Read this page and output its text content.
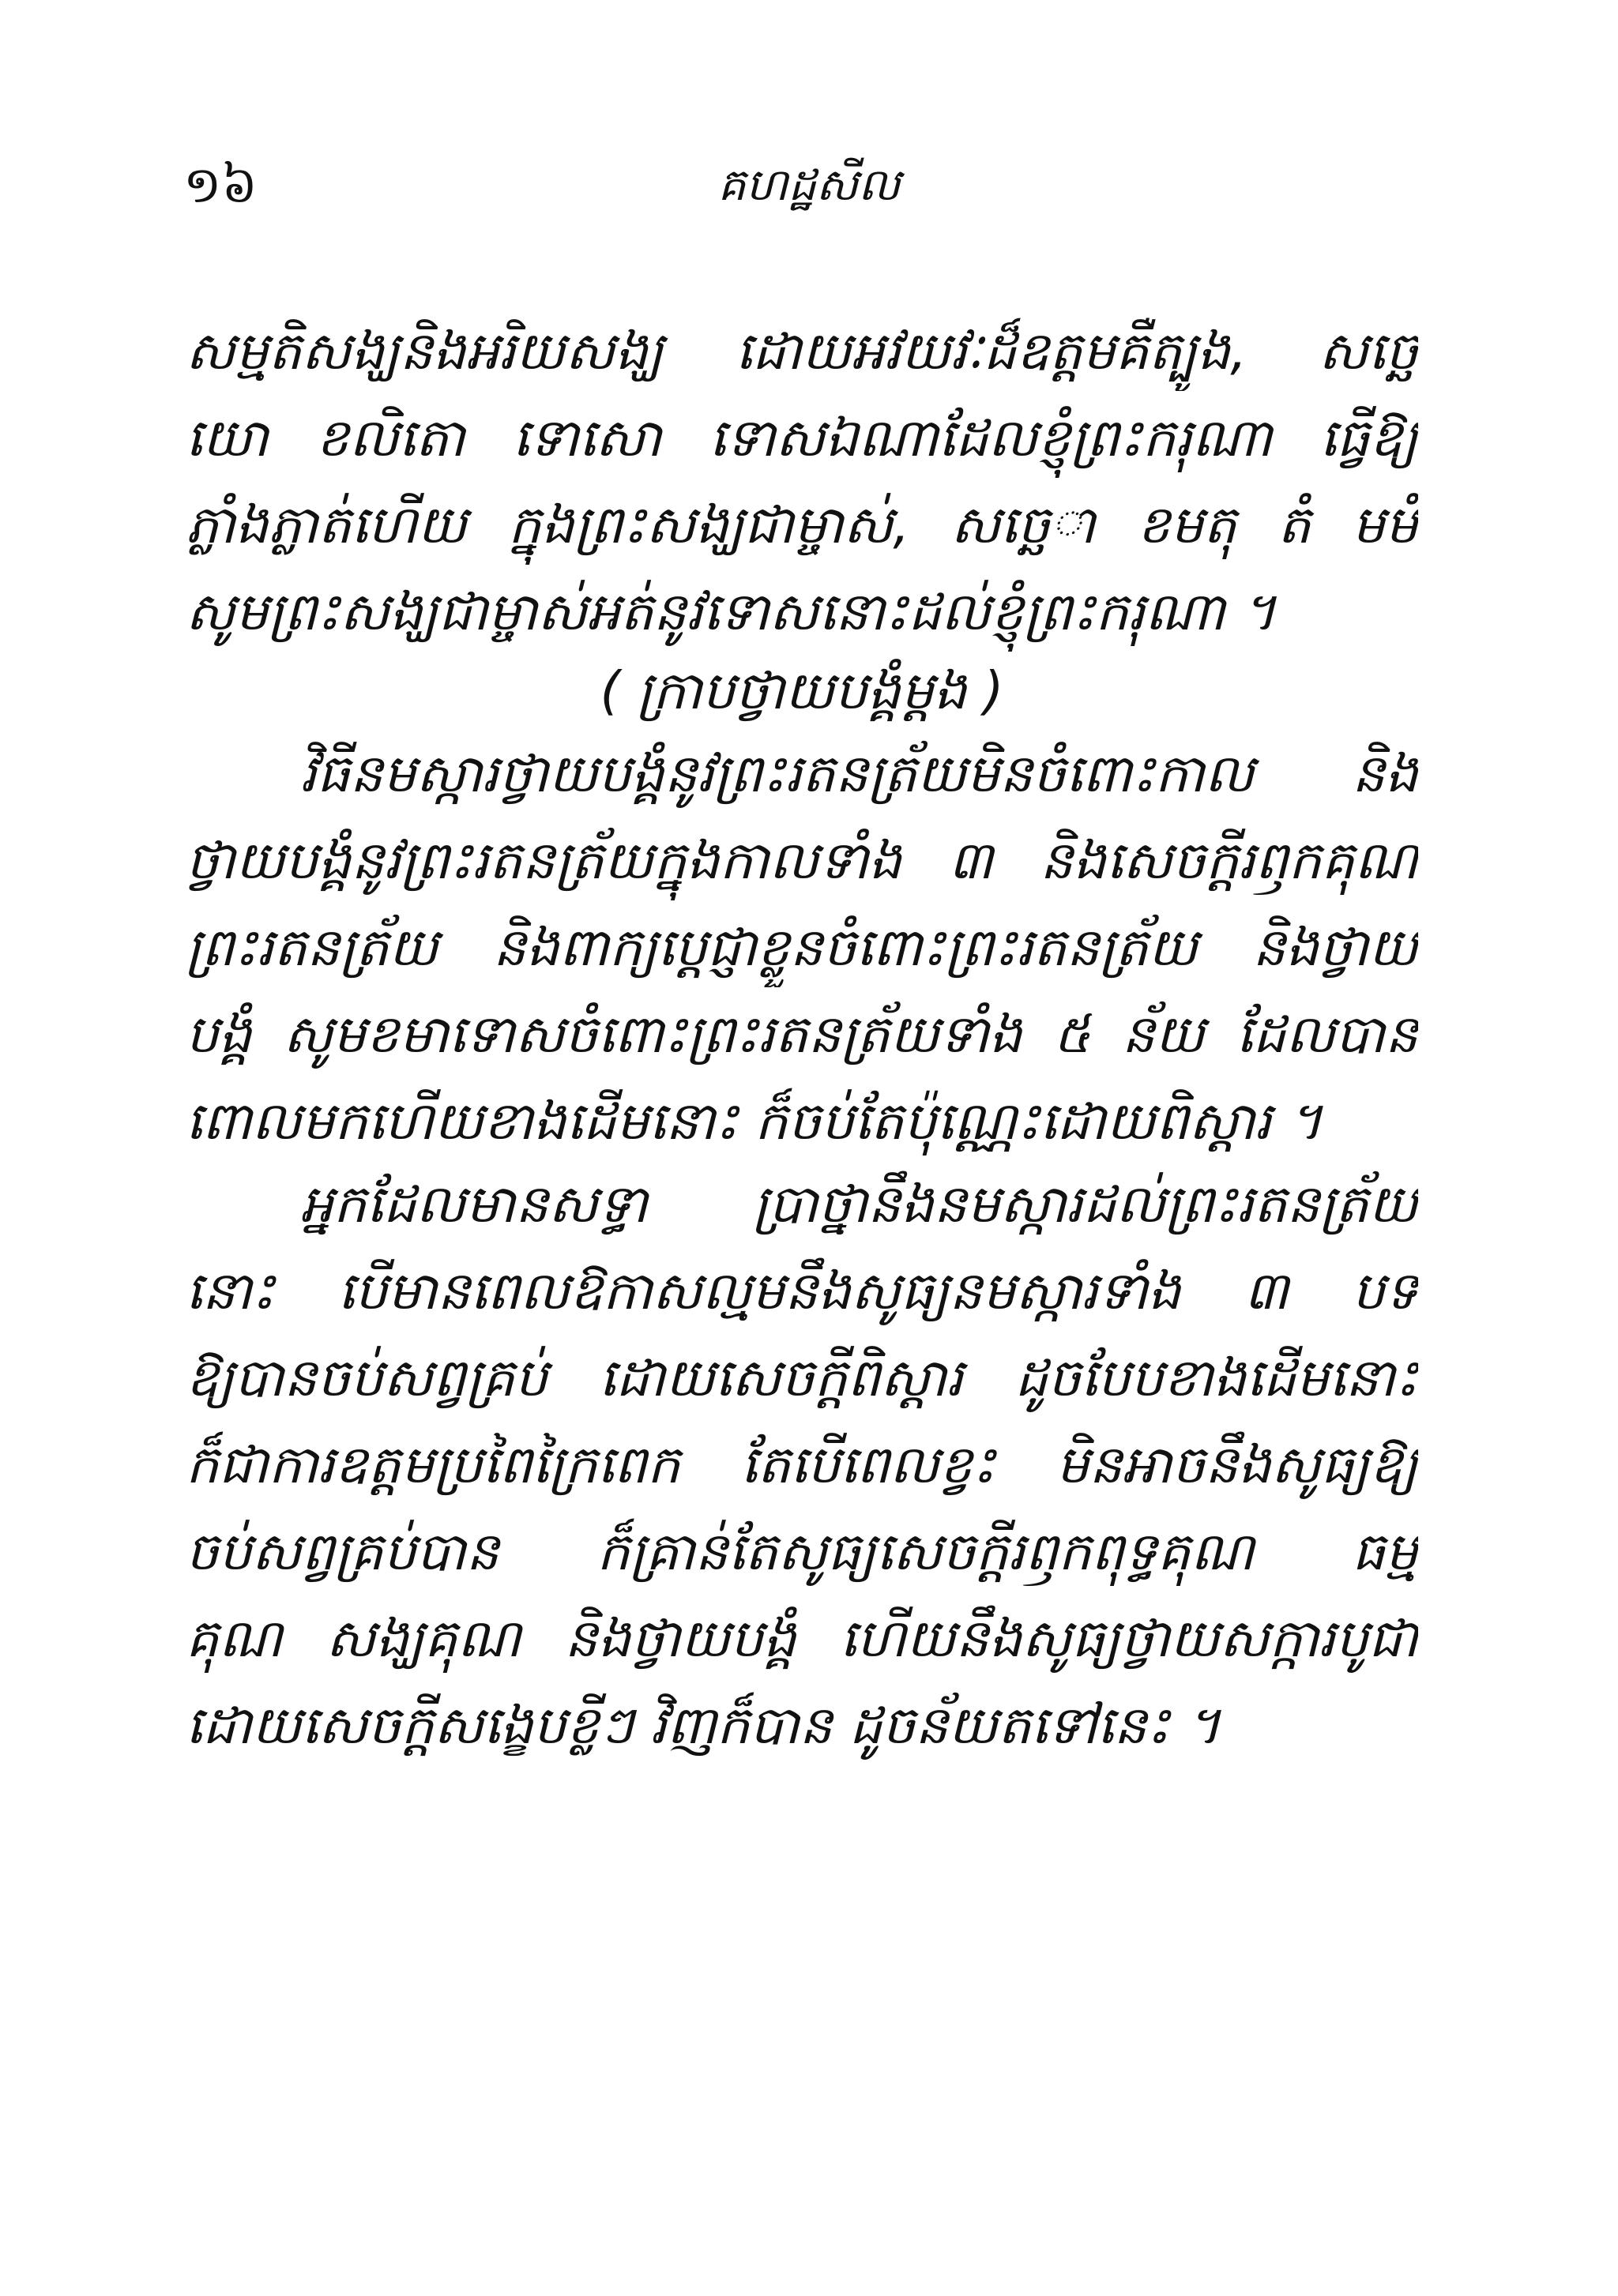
១៦	គហដ្ឋសីល
សម្មតិសង្ឃនិងអរិយសង្ឃ ដោយអវយវៈដ៏ឧត្តមគឺត្បូង, សចេ្ឆ
យោ ខលិតោ ទោសោ ទោសឯណាដែលខ្ញុំព្រះករុណា ធ្វើឱ្យ
ភ្លាំងភ្លាត់ហើយ ក្នុងព្រះសង្ឃជាម្ចាស់, សចេ្ឆា ខមតុ តំ មមំ
សូមព្រះសង្ឃជាម្ចាស់អត់នូវទោសនោះដល់ខ្ញុំព្រះករុណា ។
( ក្រាបថ្វាយបង្គំម្តង )
វិធីនមស្ការថ្វាយបង្គំនូវព្រះរតនត្រ័យមិនចំពោះកាល និង
ថ្វាយបង្គំនូវព្រះរតនត្រ័យក្នុងកាលទាំង ៣ និងសេចក្តីរឭកគុណ
ព្រះរតនត្រ័យ និងពាក្យប្ដេជ្ញាខ្លួនចំពោះព្រះរតនត្រ័យ និងថ្វាយ
បង្គំ សូមខមាទោសចំពោះព្រះរតនត្រ័យទាំង ៥ ន័យ ដែលបាន
ពោលមកហើយខាងដើមនោះ ក៏ចប់តែប៉ុណ្ណេះដោយពិស្ដារ ។
អ្នកដែលមានសទ្ធា ប្រាថ្នានឹងនមស្ការដល់ព្រះរតនត្រ័យ
នោះ បើមានពេលឱកាសល្មមនឹងសូធ្យនមស្ការទាំង ៣ បទ
ឱ្យបានចប់សព្វគ្រប់ ដោយសេចក្តីពិស្ដារ ដូចបែបខាងដើមនោះ
ក៏ជាការឧត្តមប្រពៃក្រៃពេក តែបើពេលខ្វះ មិនអាចនឹងសូធ្យឱ្យ
ចប់សព្វគ្រប់បាន ក៏គ្រាន់តែសូធ្យសេចក្តីរឭកពុទ្ធគុណ ធម្ម
គុណ សង្ឃគុណ និងថ្វាយបង្គំ ហើយនឹងសូធ្យថ្វាយសក្ការបូជា
ដោយសេចក្តីសង្ខេបខ្លីៗ វិញក៏បាន ដូចន័យតទៅនេះ ។
